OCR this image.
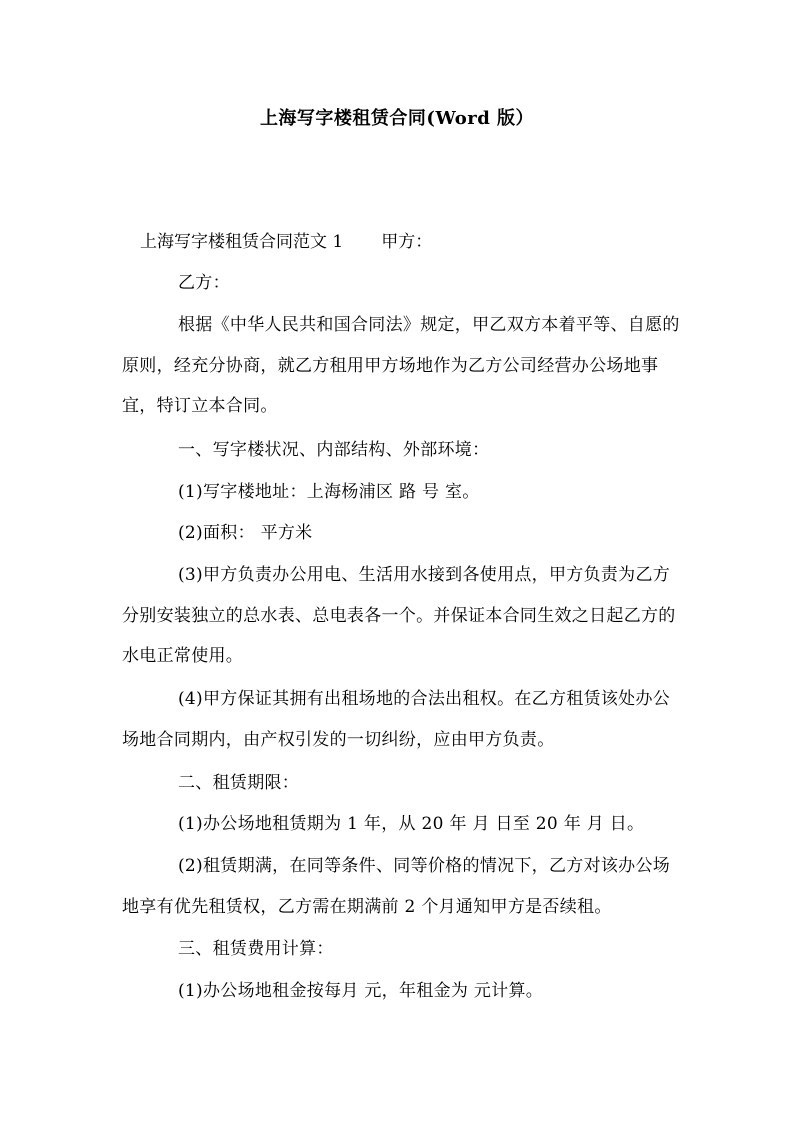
上海写字楼租赁合同(Word 版）
上海写字楼租赁合同范文 1 甲方：
乙方：
根据《中华人民共和国合同法》规定，甲乙双方本着平等、自愿的原则，经充分协商，就乙方租用甲方场地作为乙方公司经营办公场地事宜，特订立本合同。
一、写字楼状况、内部结构、外部环境：
(1)写字楼地址：上海杨浦区 路 号 室。
(2)面积： 平方米
(3)甲方负责办公用电、生活用水接到各使用点，甲方负责为乙方分别安装独立的总水表、总电表各一个。并保证本合同生效之日起乙方的水电正常使用。
(4)甲方保证其拥有出租场地的合法出租权。在乙方租赁该处办公场地合同期内，由产权引发的一切纠纷，应由甲方负责。
二、租赁期限：
(1)办公场地租赁期为 1 年，从 20 年 月 日至 20 年 月 日。
(2)租赁期满，在同等条件、同等价格的情况下，乙方对该办公场地享有优先租赁权，乙方需在期满前 2 个月通知甲方是否续租。
三、租赁费用计算：
(1)办公场地租金按每月 元，年租金为 元计算。
